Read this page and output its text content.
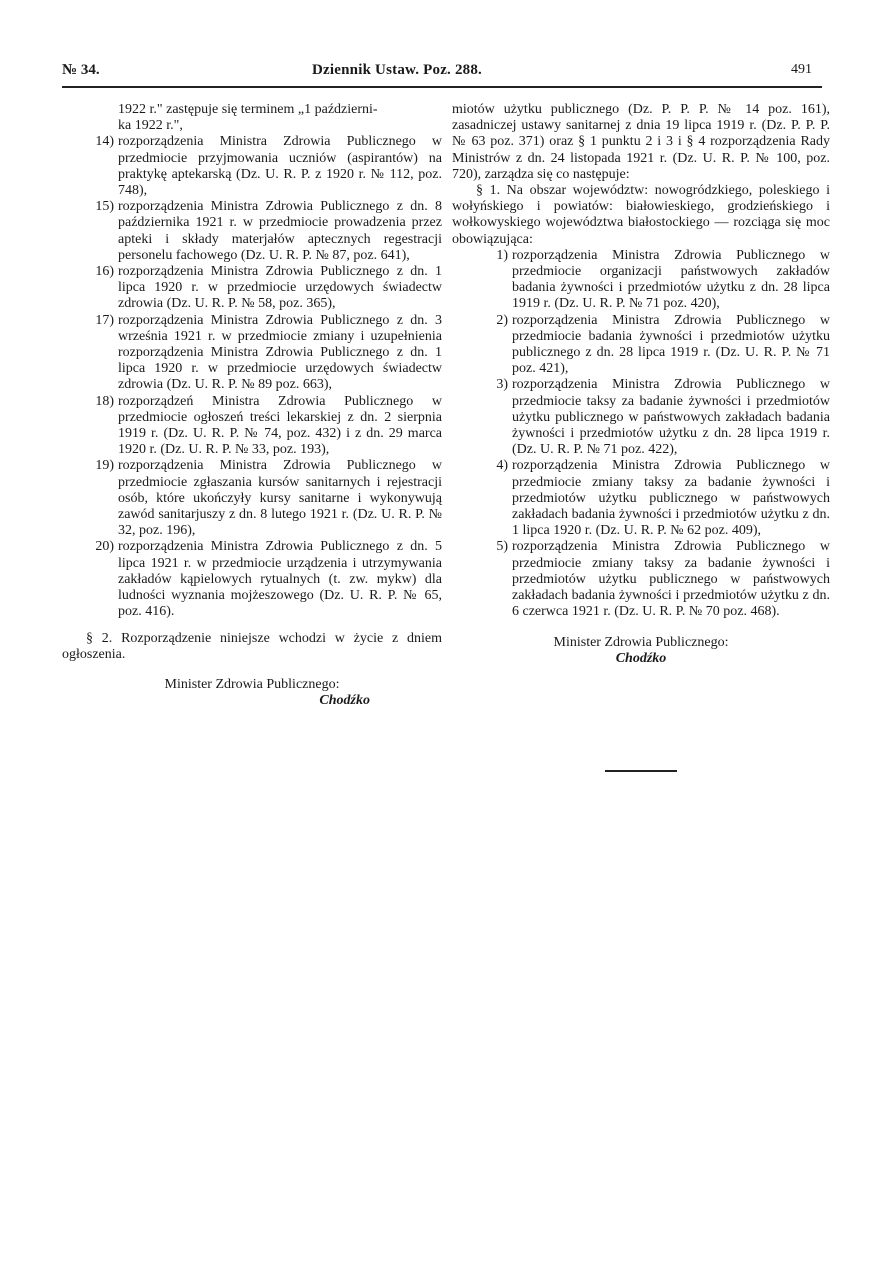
№ 34.	Dziennik Ustaw. Poz. 288.	491
1922 r." zastępuje się terminem „1 październi-
ka 1922 r.",
14) rozporządzenia Ministra Zdrowia Publicznego w przedmiocie przyjmowania uczniów (aspirantów) na praktykę aptekarską (Dz. U. R. P. z 1920 r. № 112, poz. 748),
15) rozporządzenia Ministra Zdrowia Publicznego z dn. 8 października 1921 r. w przedmiocie prowadzenia przez apteki i składy materjałów aptecznych regestracji personelu fachowego (Dz. U. R. P. № 87, poz. 641),
16) rozporządzenia Ministra Zdrowia Publicznego z dn. 1 lipca 1920 r. w przedmiocie urzędowych świadectw zdrowia (Dz. U. R. P. № 58, poz. 365),
17) rozporządzenia Ministra Zdrowia Publicznego z dn. 3 września 1921 r. w przedmiocie zmiany i uzupełnienia rozporządzenia Ministra Zdrowia Publicznego z dn. 1 lipca 1920 r. w przedmiocie urzędowych świadectw zdrowia (Dz. U. R. P. № 89 poz. 663),
18) rozporządzeń Ministra Zdrowia Publicznego w przedmiocie ogłoszeń treści lekarskiej z dn. 2 sierpnia 1919 r. (Dz. U. R. P. № 74, poz. 432) i z dn. 29 marca 1920 r. (Dz. U. R. P. № 33, poz. 193),
19) rozporządzenia Ministra Zdrowia Publicznego w przedmiocie zgłaszania kursów sanitarnych i rejestracji osób, które ukończyły kursy sanitarne i wykonywują zawód sanitarjuszy z dn. 8 lutego 1921 r. (Dz. U. R. P. № 32, poz. 196),
20) rozporządzenia Ministra Zdrowia Publicznego z dn. 5 lipca 1921 r. w przedmiocie urządzenia i utrzymywania zakładów kąpielowych rytualnych (t. zw. mykw) dla ludności wyznania mojżeszowego (Dz. U. R. P. № 65, poz. 416).
§ 2. Rozporządzenie niniejsze wchodzi w życie z dniem ogłoszenia.
Minister Zdrowia Publicznego:
Chodźko
miotów użytku publicznego (Dz. P. P. P. № 14 poz. 161), zasadniczej ustawy sanitarnej z dnia 19 lipca 1919 r. (Dz. P. P. P. № 63 poz. 371) oraz § 1 punktu 2 i 3 i § 4 rozporządzenia Rady Ministrów z dn. 24 listopada 1921 r. (Dz. U. R. P. № 100, poz. 720), zarządza się co następuje:
§ 1. Na obszar województw: nowogródzkiego, poleskiego i wołyńskiego i powiatów: białowieskiego, grodzieńskiego i wołkowyskiego województwa białostockiego — rozciąga się moc obowiązująca:
1) rozporządzenia Ministra Zdrowia Publicznego w przedmiocie organizacji państwowych zakładów badania żywności i przedmiotów użytku z dn. 28 lipca 1919 r. (Dz. U. R. P. № 71 poz. 420),
2) rozporządzenia Ministra Zdrowia Publicznego w przedmiocie badania żywności i przedmiotów użytku publicznego z dn. 28 lipca 1919 r. (Dz. U. R. P. № 71 poz. 421),
3) rozporządzenia Ministra Zdrowia Publicznego w przedmiocie taksy za badanie żywności i przedmiotów użytku publicznego w państwowych zakładach badania żywności i przedmiotów użytku z dn. 28 lipca 1919 r. (Dz. U. R. P. № 71 poz. 422),
4) rozporządzenia Ministra Zdrowia Publicznego w przedmiocie zmiany taksy za badanie żywności i przedmiotów użytku publicznego w państwowych zakładach badania żywności i przedmiotów użytku z dn. 1 lipca 1920 r. (Dz. U. R. P. № 62 poz. 409),
5) rozporządzenia Ministra Zdrowia Publicznego w przedmiocie zmiany taksy za badanie żywności i przedmiotów użytku publicznego w państwowych zakładach badania żywności i przedmiotów użytku z dn. 6 czerwca 1921 r. (Dz. U. R. P. № 70 poz. 468).
Minister Zdrowia Publicznego:
Chodźko
